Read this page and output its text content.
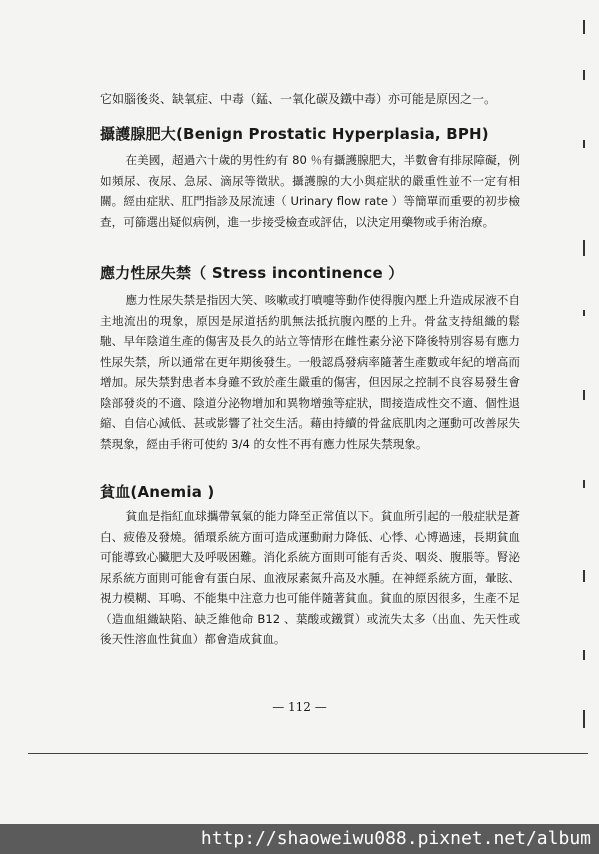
它如腦後炎、缺氧症、中毒（錳、一氧化碳及鐵中毒）亦可能是原因之一。
攝護腺肥大(Benign Prostatic Hyperplasia, BPH)

在美國，超過六十歲的男性約有 80 ％有攝護腺肥大，半數會有排尿障礙，例如頻尿、夜尿、急尿、滴尿等徵狀。攝護腺的大小與症狀的嚴重性並不一定有相關。經由症狀、肛門指診及尿流速（ Urinary flow rate ）等簡單而重要的初步檢查，可篩選出疑似病例，進一步接受檢查或評估，以決定用藥物或手術治療。

應力性尿失禁（ Stress incontinence ）

應力性尿失禁是指因大笑、咳嗽或打噴嚏等動作使得腹內壓上升造成尿液不自主地流出的現象，原因是尿道括約肌無法抵抗腹內壓的上升。骨盆支持組織的鬆馳、早年陰道生產的傷害及長久的站立等情形在雌性素分泌下降後特別容易有應力性尿失禁，所以通常在更年期後發生。一般認爲發病率隨著生產數或年紀的增高而增加。尿失禁對患者本身雖不致於產生嚴重的傷害，但因尿之控制不良容易發生會陰部發炎的不適、陰道分泌物增加和異物增強等症狀，間接造成性交不適、個性退縮、自信心減低、甚或影響了社交生活。藉由持續的骨盆底肌肉之運動可改善尿失禁現象，經由手術可使約 3/4 的女性不再有應力性尿失禁現象。

貧血(Anemia )

貧血是指紅血球攜帶氧氣的能力降至正常值以下。貧血所引起的一般症狀是蒼白、疲倦及發燒。循環系統方面可造成運動耐力降低、心悸、心博過速，長期貧血可能導致心臟肥大及呼吸困難。消化系統方面則可能有舌炎、咽炎、腹脹等。腎泌尿系統方面則可能會有蛋白尿、血液尿素氮升高及水腫。在神經系統方面，暈眩、視力模糊、耳鳴、不能集中注意力也可能伴隨著貧血。貧血的原因很多，生產不足（造血組織缺陷、缺乏維他命 B12 、葉酸或鐵質）或流失太多（出血、先天性或後天性溶血性貧血）都會造成貧血。

— 112 —
http://shaoweiwu088.pixnet.net/album
